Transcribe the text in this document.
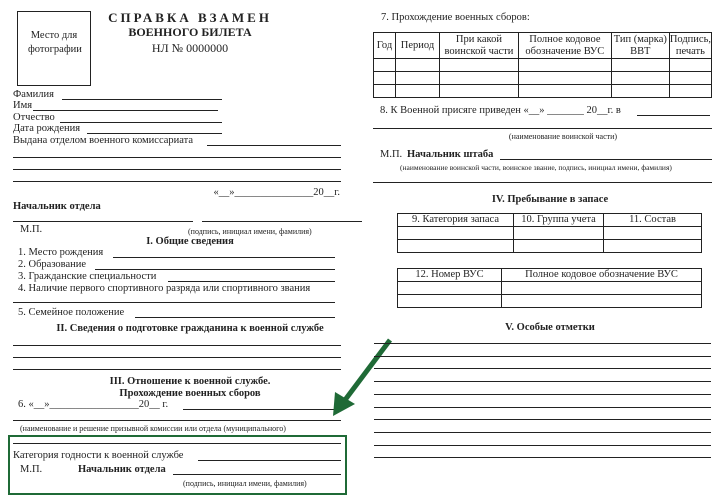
Место для фотографии
СПРАВКА ВЗАМЕН
ВОЕННОГО БИЛЕТА
НЛ № 0000000
Фамилия
Имя
Отчество
Дата рождения
Выдана отделом военного комиссариата
«__»_______________20__г.
Начальник отдела
М.П.	(подпись, инициал имени, фамилия)
I. Общие сведения
1. Место рождения
2. Образование
3. Гражданские специальности
4. Наличие первого спортивного разряда или спортивного звания
5. Семейное положение
II. Сведения о подготовке гражданина к военной службе
III. Отношение к военной службе.
Прохождение военных сборов
6. «__»_________________20__ г.
(наименование и решение призывной комиссии или отдела (муниципального)
Категория годности к военной службе
М.П.	Начальник отдела
(подпись, инициал имени, фамилия)
7. Прохождение военных сборов:
Год	Период	При какой воинской части	Полное кодовое обозначение ВУС	Тип (марка) ВВТ	Подпись, печать

8. К Военной присяге приведен «__» _______ 20__г. в
(наименование воинской части)
М.П. Начальник штаба
(наименование воинской части, воинское звание, подпись, инициал имени, фамилия)
IV. Пребывание в запасе
9. Категория запаса	10. Группа учета	11. Состав

12. Номер ВУС	Полное кодовое обозначение ВУС

V. Особые отметки
